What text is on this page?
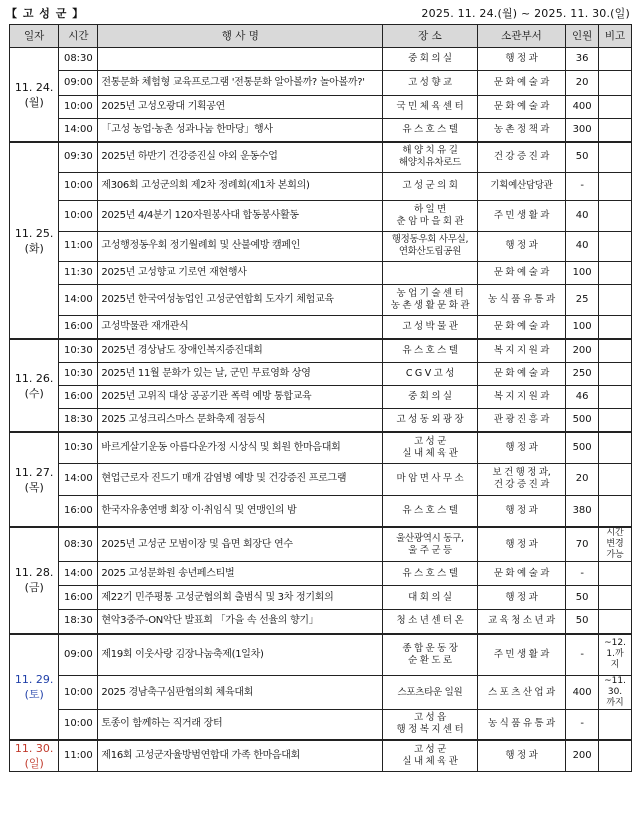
【 고 성 군 】	2025. 11. 24.(월) ~ 2025. 11. 30.(일)
일자	시간	행 사 명	장 소	소관부서	인원	비고
11. 24.
(월)	08:30		중 회 의 실	행 정 과	36	
	09:00	전통문화 체험형 교육프로그램 '전통문화 알아볼까? 놀아볼까?'	고 성 향 교	문 화 예 술 과	20	
	10:00	2025년 고성오광대 기획공연	국 민 체 육 센 터	문 화 예 술 과	400	
	14:00	「고성 농업·농촌 성과나눔 한마당」행사	유 스 호 스 텔	농 촌 정 책 과	300	
11. 25.
(화)	09:30	2025년 하반기 건강증진실 야외 운동수업	해 양 치 유 길
해양치유차로드	건 강 증 진 과	50	
	10:00	제306회 고성군의회 제2차 정례회(제1차 본회의)	고 성 군 의 회	기획예산담당관	-	
	10:00	2025년 4/4분기 120자원봉사대 합동봉사활동	하 일 면
춘 암 마 을 회 관	주 민 생 활 과	40	
	11:00	고성행정동우회 정기월례회 및 산불예방 캠페인	행정동우회 사무실,
연화산도립공원	행 정 과	40	
	11:30	2025년 고성향교 기로연 재현행사		문 화 예 술 과	100	
	14:00	2025년 한국여성농업인 고성군연합회 도자기 체험교육	농 업 기 술 센 터
농 촌 생 활 문 화 관	농 식 품 유 통 과	25	
	16:00	고성박물관 재개관식	고 성 박 물 관	문 화 예 술 과	100	
11. 26.
(수)	10:30	2025년 경상남도 장애인복지증진대회	유 스 호 스 텔	복 지 지 원 과	200	
	10:30	2025년 11월 문화가 있는 날, 군민 무료영화 상영	C G V 고 성	문 화 예 술 과	250	
	16:00	2025년 고위직 대상 공공기관 폭력 예방 통합교육	중 회 의 실	복 지 지 원 과	46	
	18:30	2025 고성크리스마스 문화축제 점등식	고 성 동 외 광 장	관 광 진 흥 과	500	
11. 27.
(목)	10:30	바르게살기운동 아름다운가정 시상식 및 회원 한마음대회	고 성 군
실 내 체 육 관	행 정 과	500	
	14:00	현업근로자 진드기 매개 감염병 예방 및 건강증진 프로그램	마 암 면 사 무 소	보 건 행 정 과,
건 강 증 진 과	20	
	16:00	한국자유총연맹 회장 이·취임식 및 연맹인의 밤	유 스 호 스 텔	행 정 과	380	
11. 28.
(금)	08:30	2025년 고성군 모범이장 및 읍면 회장단 연수	울산광역시 동구,
울 주 군 등	행 정 과	70	시간
변경
가능
	14:00	2025 고성문화원 송년페스티벌	유 스 호 스 텔	문 화 예 술 과	-	
	16:00	제22기 민주평통 고성군협의회 출범식 및 3차 정기회의	대 회 의 실	행 정 과	50	
	18:30	현악3중주-ON악단 발표회 「가을 속 선율의 향기」	청 소 년 센 터 온	교 육 청 소 년 과	50	
11. 29.
(토)	09:00	제19회 이웃사랑 김장나눔축제(1일차)	종 합 운 동 장
순 환 도 로	주 민 생 활 과	-	~12.
1.까
지
	10:00	2025 경남축구심판협의회 체육대회	스포츠타운 일원	스 포 츠 산 업 과	400	~11.
30.
까지
	10:00	토종이 함께하는 직거래 장터	고 성 읍
행 정 복 지 센 터	농 식 품 유 통 과	-	
11. 30.
(일)	11:00	제16회 고성군자율방범연합대 가족 한마음대회	고 성 군
실 내 체 육 관	행 정 과	200	
